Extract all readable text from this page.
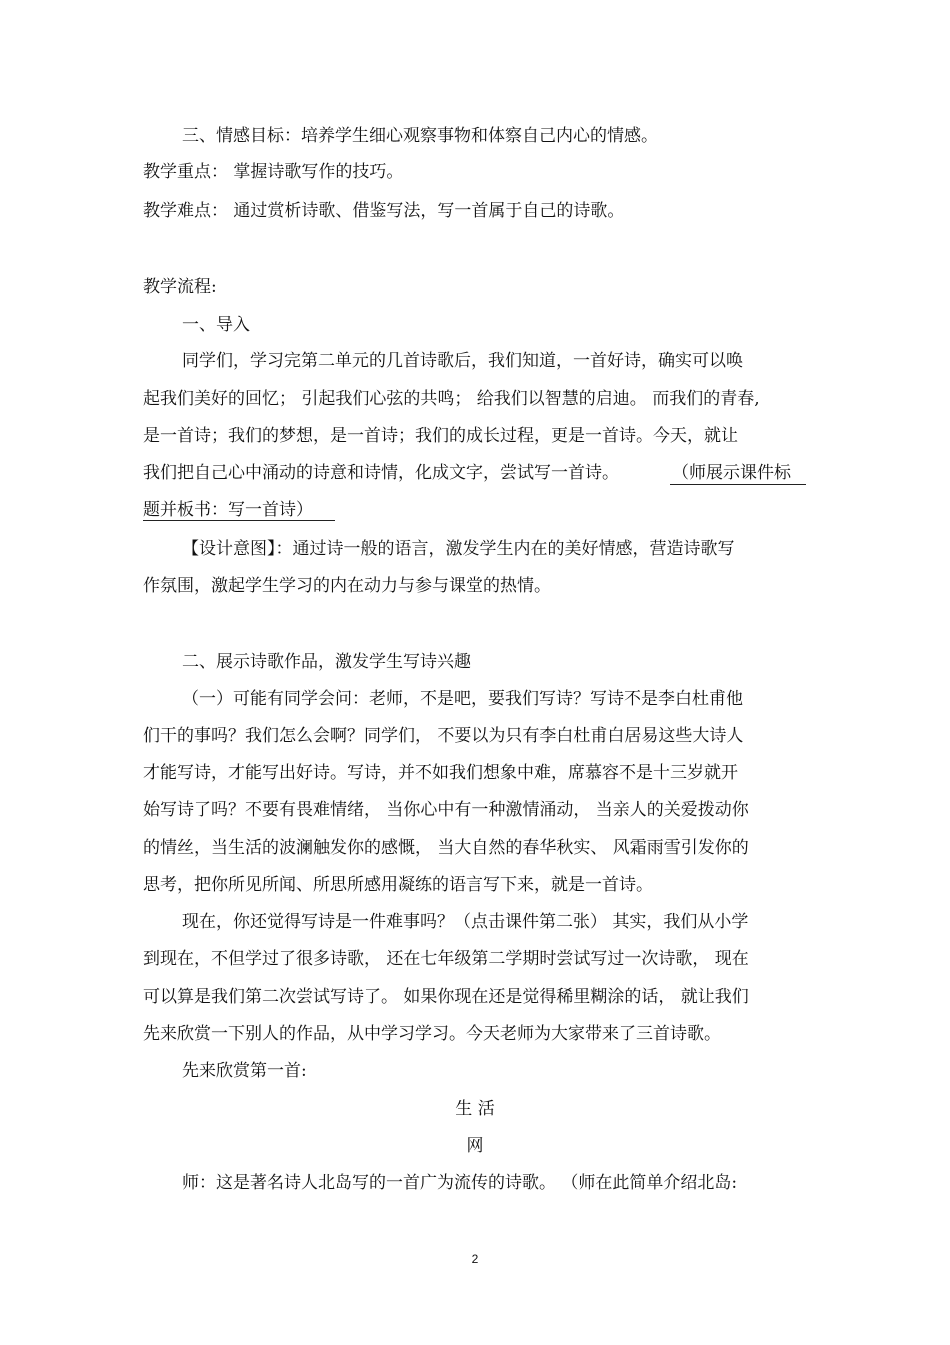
三、情感目标：培养学生细心观察事物和体察自己内心的情感。
教学重点： 掌握诗歌写作的技巧。
教学难点： 通过赏析诗歌、借鉴写法，写一首属于自己的诗歌。
教学流程:
一、导入
同学们，学习完第二单元的几首诗歌后，我们知道，一首好诗，确实可以唤
起我们美好的回忆； 引起我们心弦的共鸣； 给我们以智慧的启迪。 而我们的青春,
是一首诗；我们的梦想，是一首诗；我们的成长过程，更是一首诗。今天，就让
我们把自己心中涌动的诗意和诗情，化成文字，尝试写一首诗。	（师展示课件标
题并板书：写一首诗）
【设计意图】：通过诗一般的语言，激发学生内在的美好情感，营造诗歌写
作氛围，激起学生学习的内在动力与参与课堂的热情。
二、展示诗歌作品，激发学生写诗兴趣
（一）可能有同学会问：老师，不是吧，要我们写诗？写诗不是李白杜甫他
们干的事吗？我们怎么会啊？同学们， 不要以为只有李白杜甫白居易这些大诗人
才能写诗，才能写出好诗。写诗，并不如我们想象中难，席慕容不是十三岁就开
始写诗了吗？不要有畏难情绪， 当你心中有一种激情涌动， 当亲人的关爱拨动你
的情丝，当生活的波澜触发你的感慨， 当大自然的春华秋实、 风霜雨雪引发你的
思考，把你所见所闻、所思所感用凝练的语言写下来，就是一首诗。
现在，你还觉得写诗是一件难事吗？（点击课件第二张） 其实，我们从小学
到现在，不但学过了很多诗歌， 还在七年级第二学期时尝试写过一次诗歌， 现在
可以算是我们第二次尝试写诗了。 如果你现在还是觉得稀里糊涂的话， 就让我们
先来欣赏一下别人的作品，从中学习学习。今天老师为大家带来了三首诗歌。
先来欣赏第一首:
生 活
网
师：这是著名诗人北岛写的一首广为流传的诗歌。 （师在此简单介绍北岛:
2
